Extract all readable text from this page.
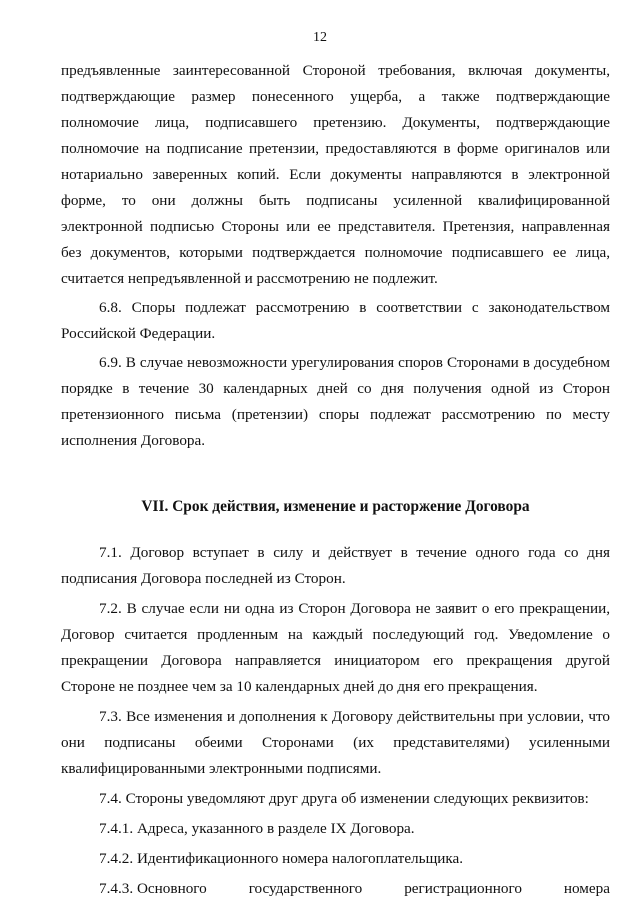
12

предъявленные заинтересованной Стороной требования, включая документы, подтверждающие размер понесенного ущерба, а также подтверждающие полномочие лица, подписавшего претензию. Документы, подтверждающие полномочие на подписание претензии, предоставляются в форме оригиналов или нотариально заверенных копий. Если документы направляются в электронной форме, то они должны быть подписаны усиленной квалифицированной электронной подписью Стороны или ее представителя. Претензия, направленная без документов, которыми подтверждается полномочие подписавшего ее лица, считается непредъявленной и рассмотрению не подлежит.

6.8. Споры подлежат рассмотрению в соответствии с законодательством Российской Федерации.

6.9. В случае невозможности урегулирования споров Сторонами в досудебном порядке в течение 30 календарных дней со дня получения одной из Сторон претензионного письма (претензии) споры подлежат рассмотрению по месту исполнения Договора.

VII. Срок действия, изменение и расторжение Договора

7.1. Договор вступает в силу и действует в течение одного года со дня подписания Договора последней из Сторон.

7.2. В случае если ни одна из Сторон Договора не заявит о его прекращении, Договор считается продленным на каждый последующий год. Уведомление о прекращении Договора направляется инициатором его прекращения другой Стороне не позднее чем за 10 календарных дней до дня его прекращения.

7.3. Все изменения и дополнения к Договору действительны при условии, что они подписаны обеими Сторонами (их представителями) усиленными квалифицированными электронными подписями.

7.4. Стороны уведомляют друг друга об изменении следующих реквизитов:

7.4.1. Адреса, указанного в разделе IX Договора.

7.4.2. Идентификационного номера налогоплательщика.

7.4.3. Основного	государственного	регистрационного	номера
